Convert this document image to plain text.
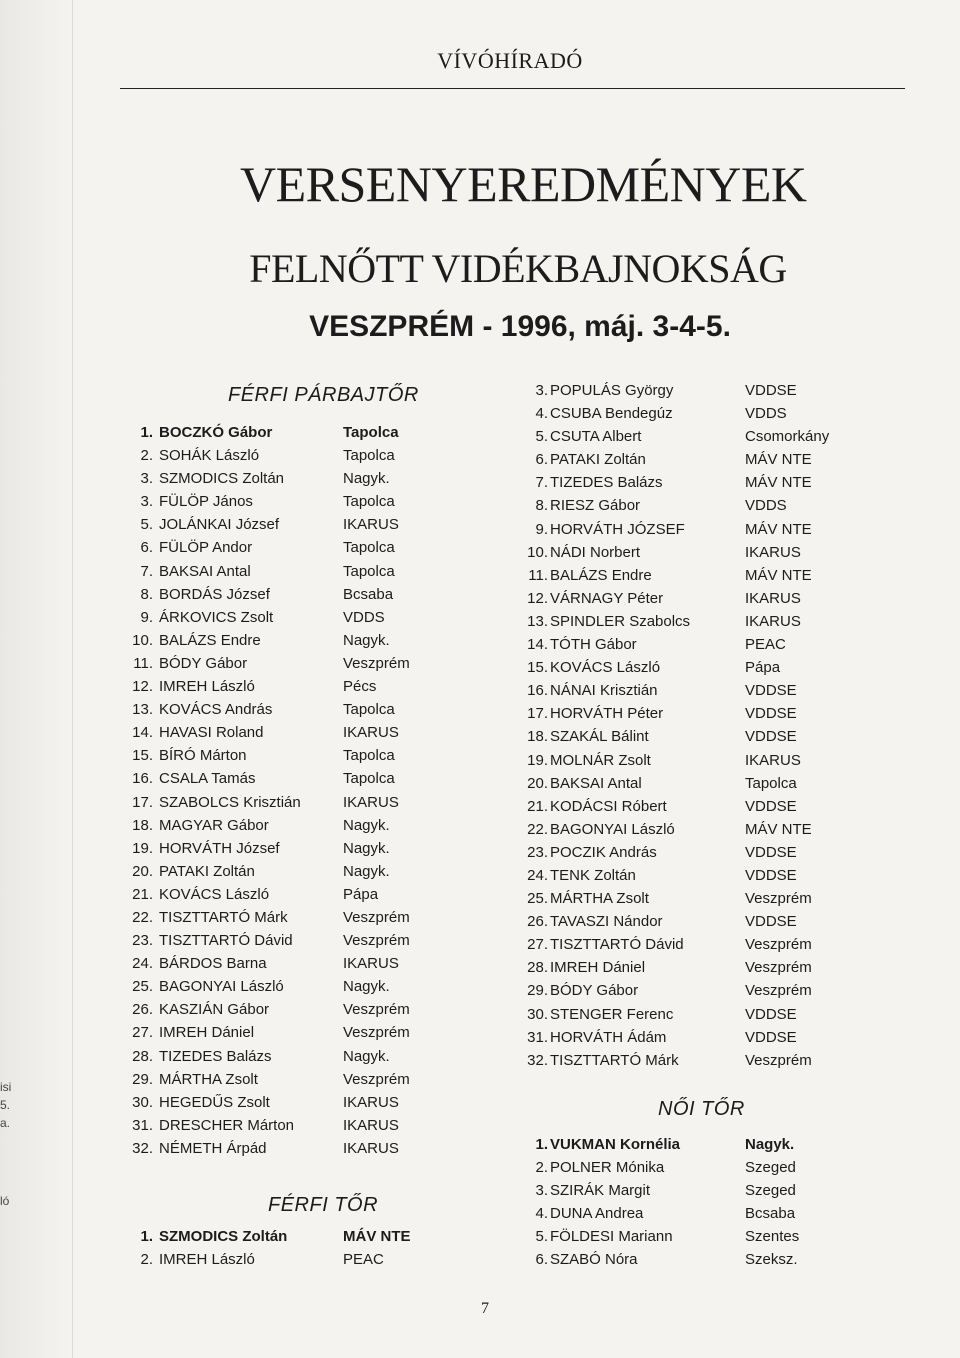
isi
5.
a.
ló
VÍVÓHÍRADÓ
VERSENYEREDMÉNYEK
FELNŐTT VIDÉKBAJNOKSÁG
VESZPRÉM - 1996, máj. 3-4-5.
FÉRFI PÁRBAJTŐR
1. BOCZKÓ Gábor	Tapolca
2. SOHÁK László	Tapolca
3. SZMODICS Zoltán	Nagyk.
3. FÜLÖP János	Tapolca
5. JOLÁNKAI József	IKARUS
6. FÜLÖP Andor	Tapolca
7. BAKSAI Antal	Tapolca
8. BORDÁS József	Bcsaba
9. ÁRKOVICS Zsolt	VDDS
10. BALÁZS Endre	Nagyk.
11. BÓDY Gábor	Veszprém
12. IMREH László	Pécs
13. KOVÁCS András	Tapolca
14. HAVASI Roland	IKARUS
15. BÍRÓ Márton	Tapolca
16. CSALA Tamás	Tapolca
17. SZABOLCS Krisztián	IKARUS
18. MAGYAR Gábor	Nagyk.
19. HORVÁTH József	Nagyk.
20. PATAKI Zoltán	Nagyk.
21. KOVÁCS László	Pápa
22. TISZTTARTÓ Márk	Veszprém
23. TISZTTARTÓ Dávid	Veszprém
24. BÁRDOS Barna	IKARUS
25. BAGONYAI László	Nagyk.
26. KASZIÁN Gábor	Veszprém
27. IMREH Dániel	Veszprém
28. TIZEDES Balázs	Nagyk.
29. MÁRTHA Zsolt	Veszprém
30. HEGEDŰS Zsolt	IKARUS
31. DRESCHER Márton	IKARUS
32. NÉMETH Árpád	IKARUS
FÉRFI TŐR
1. SZMODICS Zoltán	MÁV NTE
2. IMREH László	PEAC
3. POPULÁS György	VDDSE
4. CSUBA Bendegúz	VDDS
5. CSUTA Albert	Csomorkány
6. PATAKI Zoltán	MÁV NTE
7. TIZEDES Balázs	MÁV NTE
8. RIESZ Gábor	VDDS
9. HORVÁTH JÓZSEF	MÁV NTE
10. NÁDI Norbert	IKARUS
11. BALÁZS Endre	MÁV NTE
12. VÁRNAGY Péter	IKARUS
13. SPINDLER Szabolcs	IKARUS
14. TÓTH Gábor	PEAC
15. KOVÁCS László	Pápa
16. NÁNAI Krisztián	VDDSE
17. HORVÁTH Péter	VDDSE
18. SZAKÁL Bálint	VDDSE
19. MOLNÁR Zsolt	IKARUS
20. BAKSAI Antal	Tapolca
21. KODÁCSI Róbert	VDDSE
22. BAGONYAI László	MÁV NTE
23. POCZIK András	VDDSE
24. TENK Zoltán	VDDSE
25. MÁRTHA Zsolt	Veszprém
26. TAVASZI Nándor	VDDSE
27. TISZTTARTÓ Dávid	Veszprém
28. IMREH Dániel	Veszprém
29. BÓDY Gábor	Veszprém
30. STENGER Ferenc	VDDSE
31. HORVÁTH Ádám	VDDSE
32. TISZTTARTÓ Márk	Veszprém
NŐI TŐR
1. VUKMAN Kornélia	Nagyk.
2. POLNER Mónika	Szeged
3. SZIRÁK Margit	Szeged
4. DUNA Andrea	Bcsaba
5. FÖLDESI Mariann	Szentes
6. SZABÓ Nóra	Szeksz.
7
